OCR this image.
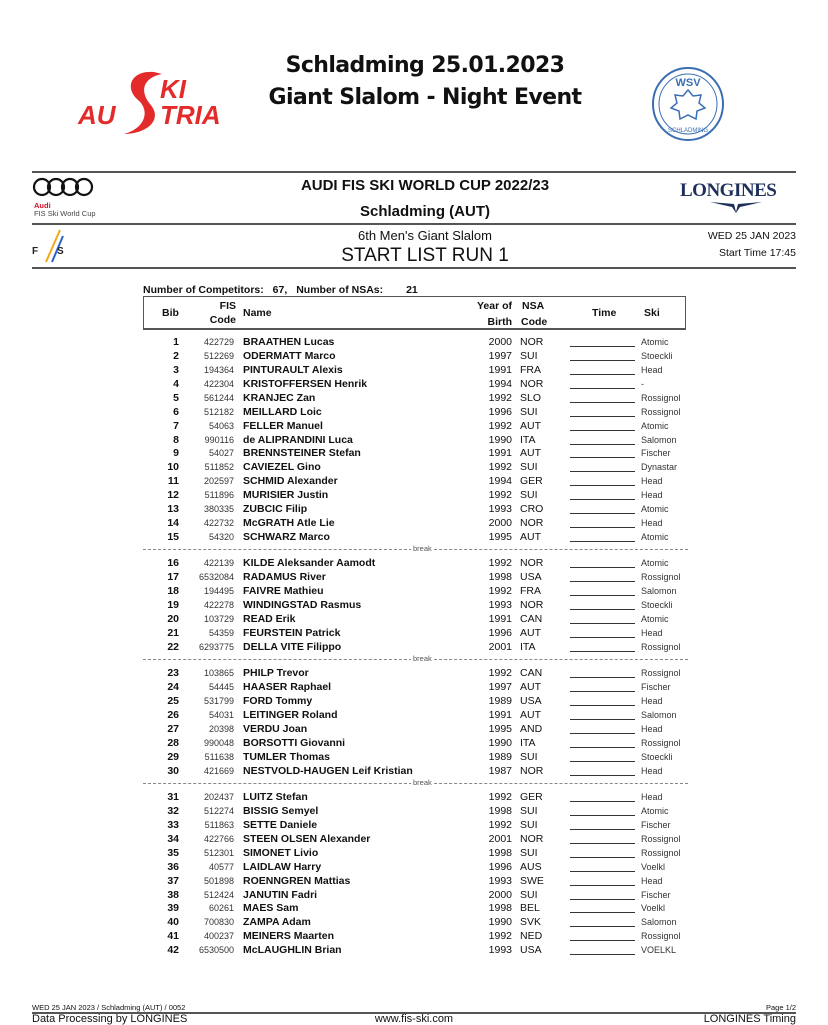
KI
AU TRIA
Schladming 25.01.2023
Giant Slalom - Night Event
WSV
SCHLADMING
Audi
FIS Ski World Cup
AUDI FIS SKI WORLD CUP 2022/23
Schladming (AUT)
LONGINES
F S
6th Men's Giant Slalom
START LIST RUN 1
WED 25 JAN 2023
Start Time 17:45
Number of Competitors: 67, Number of NSAs: 21
Bib
FIS
Code
Name
Year of
Birth
NSA
Code
Time	Ski
1	422729 BRAATHEN Lucas	2000 NOR	Atomic
2	512269 ODERMATT Marco	1997 SUI	Stoeckli
3	194364 PINTURAULT Alexis	1991 FRA	Head
4	422304 KRISTOFFERSEN Henrik	1994 NOR	-
5	561244 KRANJEC Zan	1992 SLO	Rossignol
6	512182 MEILLARD Loic	1996 SUI	Rossignol
7	54063 FELLER Manuel	1992 AUT	Atomic
8	990116 de ALIPRANDINI Luca	1990 ITA	Salomon
9	54027 BRENNSTEINER Stefan	1991 AUT	Fischer
10	511852 CAVIEZEL Gino	1992 SUI	Dynastar
11	202597 SCHMID Alexander	1994 GER	Head
12	511896 MURISIER Justin	1992 SUI	Head
13	380335 ZUBCIC Filip	1993 CRO	Atomic
14	422732 McGRATH Atle Lie	2000 NOR	Head
15	54320 SCHWARZ Marco	1995 AUT	Atomic
break
16	422139 KILDE Aleksander Aamodt	1992 NOR	Atomic
17	6532084 RADAMUS River	1998 USA	Rossignol
18	194495 FAIVRE Mathieu	1992 FRA	Salomon
19	422278 WINDINGSTAD Rasmus	1993 NOR	Stoeckli
20	103729 READ Erik	1991 CAN	Atomic
21	54359 FEURSTEIN Patrick	1996 AUT	Head
22	6293775 DELLA VITE Filippo	2001 ITA	Rossignol
break
23	103865 PHILP Trevor	1992 CAN	Rossignol
24	54445 HAASER Raphael	1997 AUT	Fischer
25	531799 FORD Tommy	1989 USA	Head
26	54031 LEITINGER Roland	1991 AUT	Salomon
27	20398 VERDU Joan	1995 AND	Head
28	990048 BORSOTTI Giovanni	1990 ITA	Rossignol
29	511638 TUMLER Thomas	1989 SUI	Stoeckli
30	421669 NESTVOLD-HAUGEN Leif Kristian	1987 NOR	Head
break
31	202437 LUITZ Stefan	1992 GER	Head
32	512274 BISSIG Semyel	1998 SUI	Atomic
33	511863 SETTE Daniele	1992 SUI	Fischer
34	422766 STEEN OLSEN Alexander	2001 NOR	Rossignol
35	512301 SIMONET Livio	1998 SUI	Rossignol
36	40577 LAIDLAW Harry	1996 AUS	Voelkl
37	501898 ROENNGREN Mattias	1993 SWE	Head
38	512424 JANUTIN Fadri	2000 SUI	Fischer
39	60261 MAES Sam	1998 BEL	Voelkl
40	700830 ZAMPA Adam	1990 SVK	Salomon
41	400237 MEINERS Maarten	1992 NED	Rossignol
42	6530500 McLAUGHLIN Brian	1993 USA	VOELKL
WED 25 JAN 2023 / Schladming (AUT) / 0052	Page 1/2
Data Processing by LONGINES	www.fis-ski.com	LONGINES Timing
